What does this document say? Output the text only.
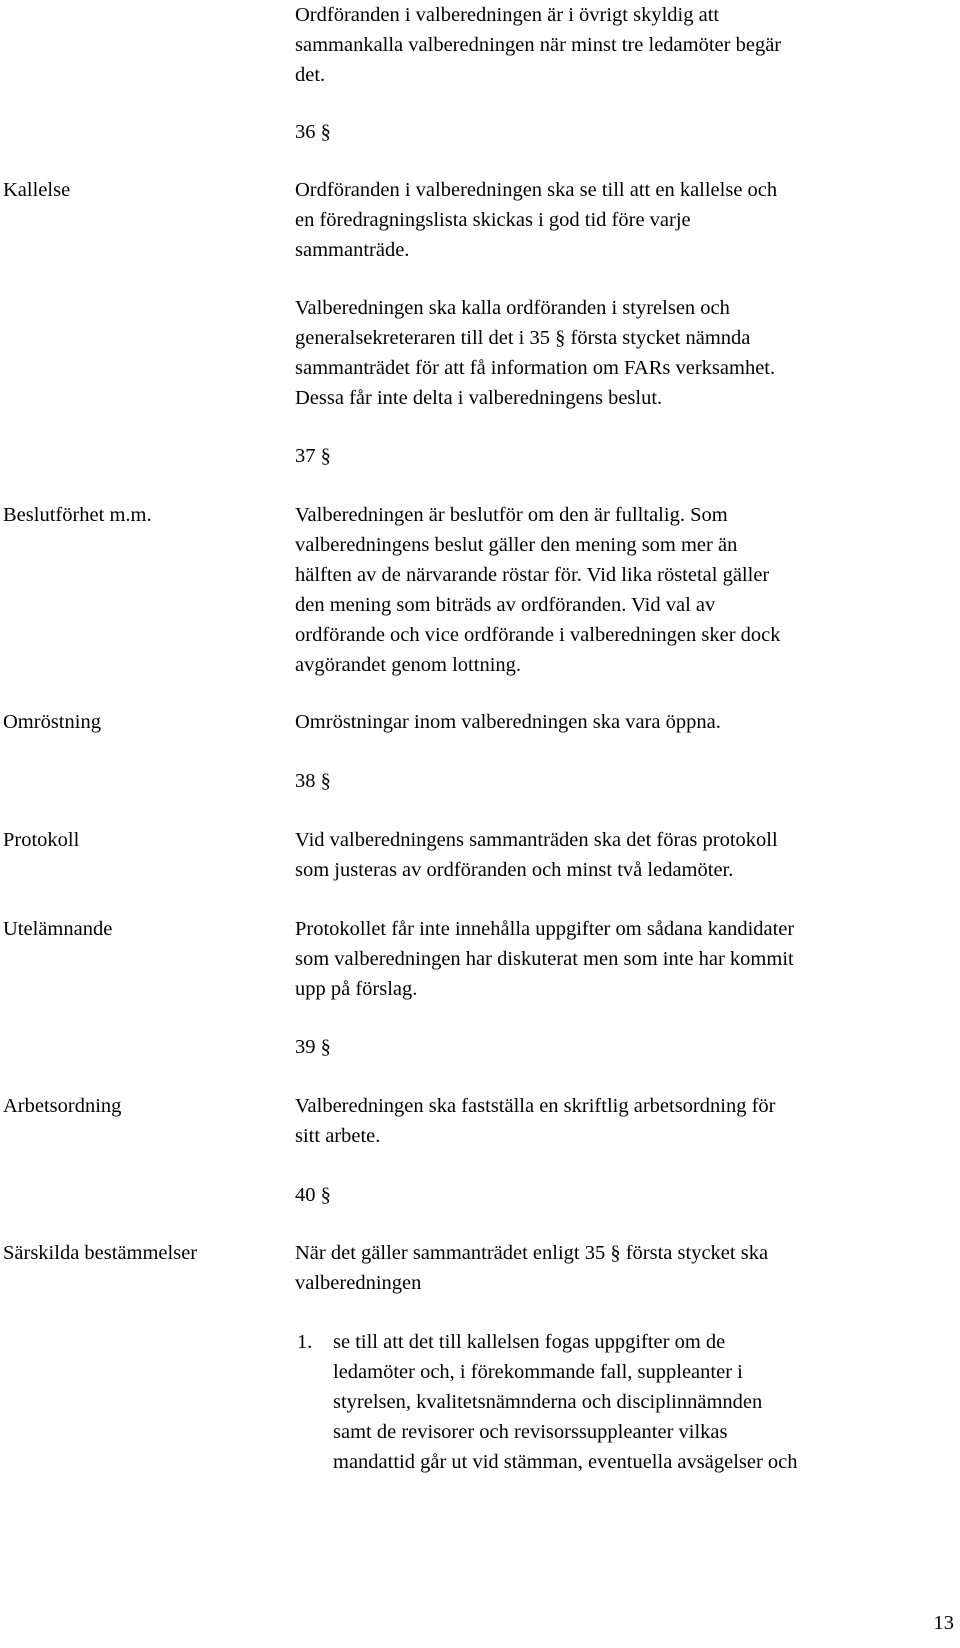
Ordföranden i valberedningen är i övrigt skyldig att
sammankalla valberedningen när minst tre ledamöter begär
det.
36 §
Kallelse	Ordföranden i valberedningen ska se till att en kallelse och
en föredragningslista skickas i god tid före varje
sammanträde.
Valberedningen ska kalla ordföranden i styrelsen och
generalsekreteraren till det i 35 § första stycket nämnda
sammanträdet för att få information om FARs verksamhet.
Dessa får inte delta i valberedningens beslut.
37 §
Beslutförhet m.m.	Valberedningen är beslutför om den är fulltalig. Som
valberedningens beslut gäller den mening som mer än
hälften av de närvarande röstar för. Vid lika röstetal gäller
den mening som biträds av ordföranden. Vid val av
ordförande och vice ordförande i valberedningen sker dock
avgörandet genom lottning.
Omröstning	Omröstningar inom valberedningen ska vara öppna.
38 §
Protokoll	Vid valberedningens sammanträden ska det föras protokoll
som justeras av ordföranden och minst två ledamöter.
Utelämnande	Protokollet får inte innehålla uppgifter om sådana kandidater
som valberedningen har diskuterat men som inte har kommit
upp på förslag.
39 §
Arbetsordning	Valberedningen ska fastställa en skriftlig arbetsordning för
sitt arbete.
40 §
Särskilda bestämmelser	När det gäller sammanträdet enligt 35 § första stycket ska
valberedningen
1. se till att det till kallelsen fogas uppgifter om de
ledamöter och, i förekommande fall, suppleanter i
styrelsen, kvalitetsnämnderna och disciplinnämnden
samt de revisorer och revisorssuppleanter vilkas
mandattid går ut vid stämman, eventuella avsägelser och
13
